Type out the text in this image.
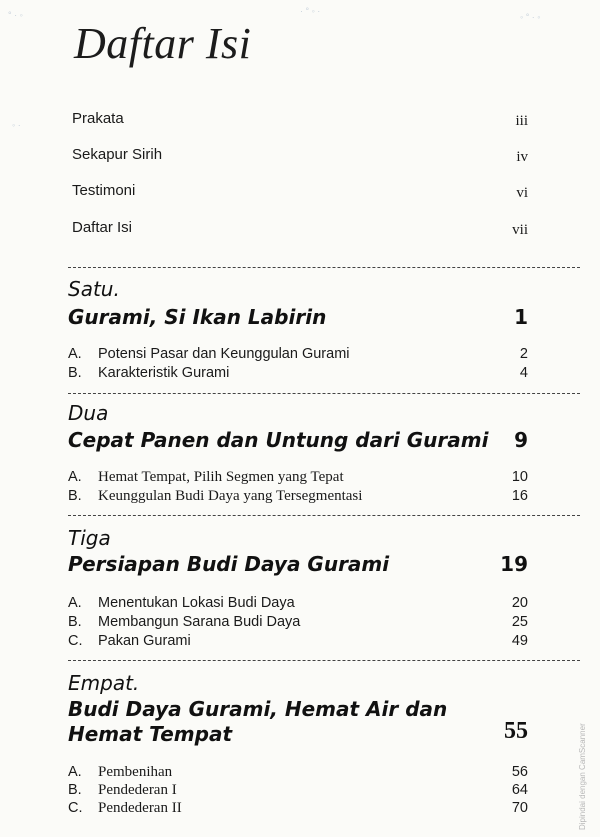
° · ◦
◦ ·
· ° ◦ ·
◦ ° · ◦
Daftar Isi
Prakata	iii
Sekapur Sirih	iv
Testimoni	vi
Daftar Isi	vii
Satu.
Gurami, Si Ikan Labirin	1
A. Potensi Pasar dan Keunggulan Gurami	2
B. Karakteristik Gurami	4
Dua
Cepat Panen dan Untung dari Gurami 9
A. Hemat Tempat, Pilih Segmen yang Tepat	10
B. Keunggulan Budi Daya yang Tersegmentasi	16
Tiga
Persiapan Budi Daya Gurami	19
A. Menentukan Lokasi Budi Daya	20
B. Membangun Sarana Budi Daya	25
C. Pakan Gurami	49
Empat.
Budi Daya Gurami, Hemat Air dan
Hemat Tempat	55
A. Pembenihan	56
B. Pendederan I	64
C. Pendederan II	70	Dipindai dengan CamScanner
